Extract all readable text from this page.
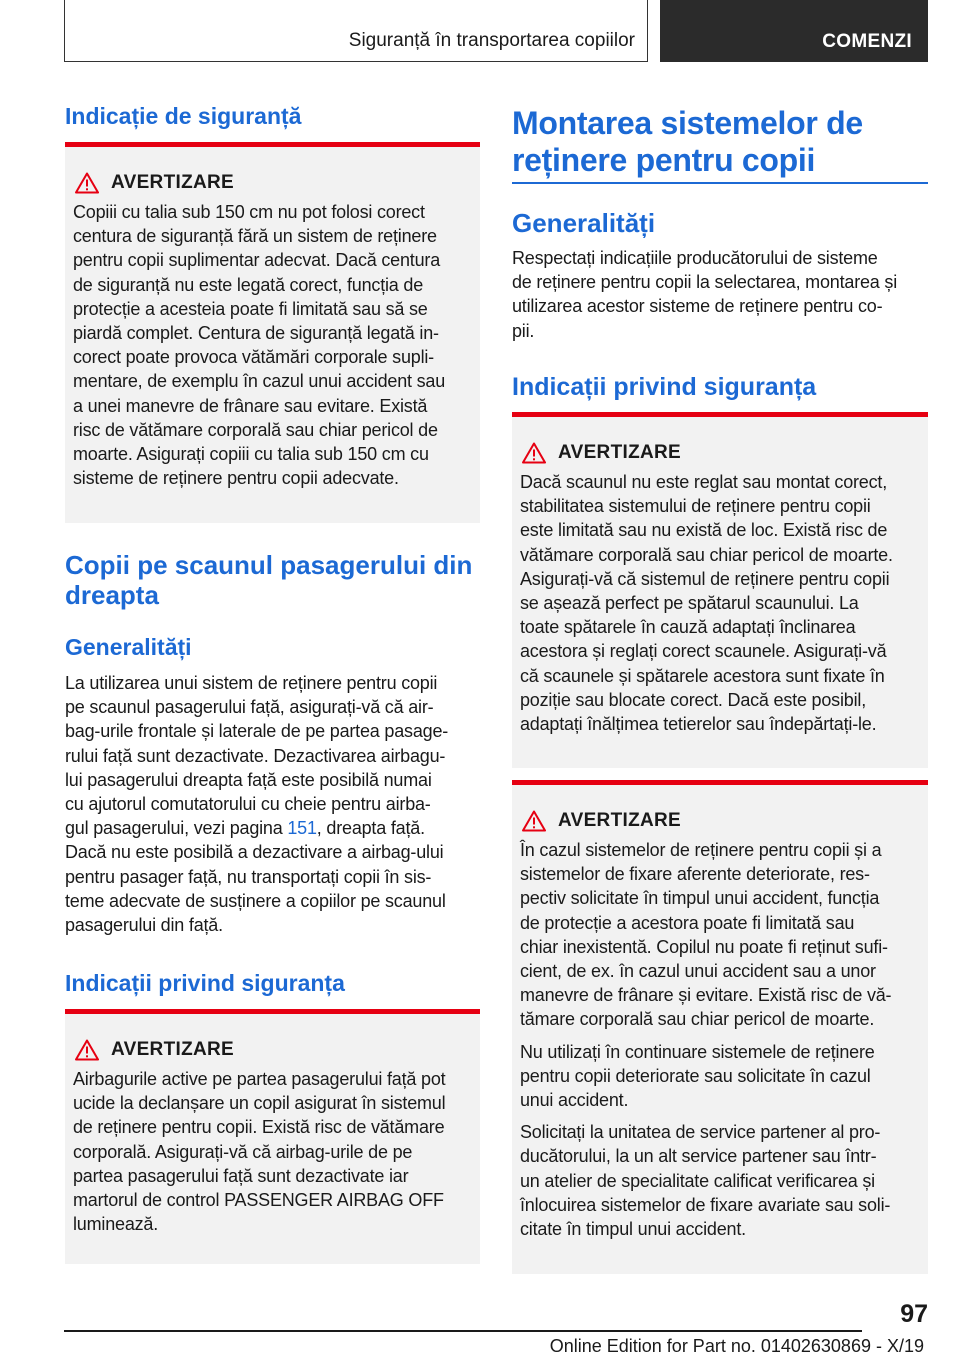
Siguranță în transportarea copiilor	COMENZI
Indicație de siguranță
AVERTIZARE

Copiii cu talia sub 150 cm nu pot folosi corect
centura de siguranță fără un sistem de reținere
pentru copii suplimentar adecvat. Dacă centura
de siguranță nu este legată corect, funcția de
protecție a acesteia poate fi limitată sau să se
piardă complet. Centura de siguranță legată in-
corect poate provoca vătămări corporale supli-
mentare, de exemplu în cazul unui accident sau
a unei manevre de frânare sau evitare. Există
risc de vătămare corporală sau chiar pericol de
moarte. Asigurați copiii cu talia sub 150 cm cu
sisteme de reținere pentru copii adecvate.

Copii pe scaunul pasagerului din
dreapta
Generalități

La utilizarea unui sistem de reținere pentru copii
pe scaunul pasagerului față, asigurați-vă că air-
bag-urile frontale și laterale de pe partea pasage-
rului față sunt dezactivate. Dezactivarea airbagu-
lui pasagerului dreapta față este posibilă numai
cu ajutorul comutatorului cu cheie pentru airba-
gul pasagerului, vezi pagina 151, dreapta față.
Dacă nu este posibilă a dezactivare a airbag-ului
pentru pasager față, nu transportați copii în sis-
teme adecvate de susținere a copiilor pe scaunul
pasagerului din față.

Indicații privind siguranța
AVERTIZARE

Airbagurile active pe partea pasagerului față pot
ucide la declanșare un copil asigurat în sistemul
de reținere pentru copii. Există risc de vătămare
corporală. Asigurați-vă că airbag-urile de pe
partea pasagerului față sunt dezactivate iar
martorul de control PASSENGER AIRBAG OFF
luminează.

Montarea sistemelor de
reținere pentru copii
Generalități

Respectați indicațiile producătorului de sisteme
de reținere pentru copii la selectarea, montarea și
utilizarea acestor sisteme de reținere pentru co-
pii.

Indicații privind siguranța
AVERTIZARE

Dacă scaunul nu este reglat sau montat corect,
stabilitatea sistemului de reținere pentru copii
este limitată sau nu există de loc. Există risc de
vătămare corporală sau chiar pericol de moarte.
Asigurați-vă că sistemul de reținere pentru copii
se așează perfect pe spătarul scaunului. La
toate spătarele în cauză adaptați înclinarea
acestora și reglați corect scaunele. Asigurați-vă
că scaunele și spătarele acestora sunt fixate în
poziție sau blocate corect. Dacă este posibil,
adaptați înălțimea tetierelor sau îndepărtați-le.

AVERTIZARE

În cazul sistemelor de reținere pentru copii și a
sistemelor de fixare aferente deteriorate, res-
pectiv solicitate în timpul unui accident, funcția
de protecție a acestora poate fi limitată sau
chiar inexistentă. Copilul nu poate fi reținut sufi-
cient, de ex. în cazul unui accident sau a unor
manevre de frânare și evitare. Există risc de vă-
tămare corporală sau chiar pericol de moarte.

Nu utilizați în continuare sistemele de reținere
pentru copii deteriorate sau solicitate în cazul
unui accident.

Solicitați la unitatea de service partener al pro-
ducătorului, la un alt service partener sau într-
un atelier de specialitate calificat verificarea și
înlocuirea sistemelor de fixare avariate sau soli-
citate în timpul unui accident.

97
Online Edition for Part no. 01402630869 - X/19
